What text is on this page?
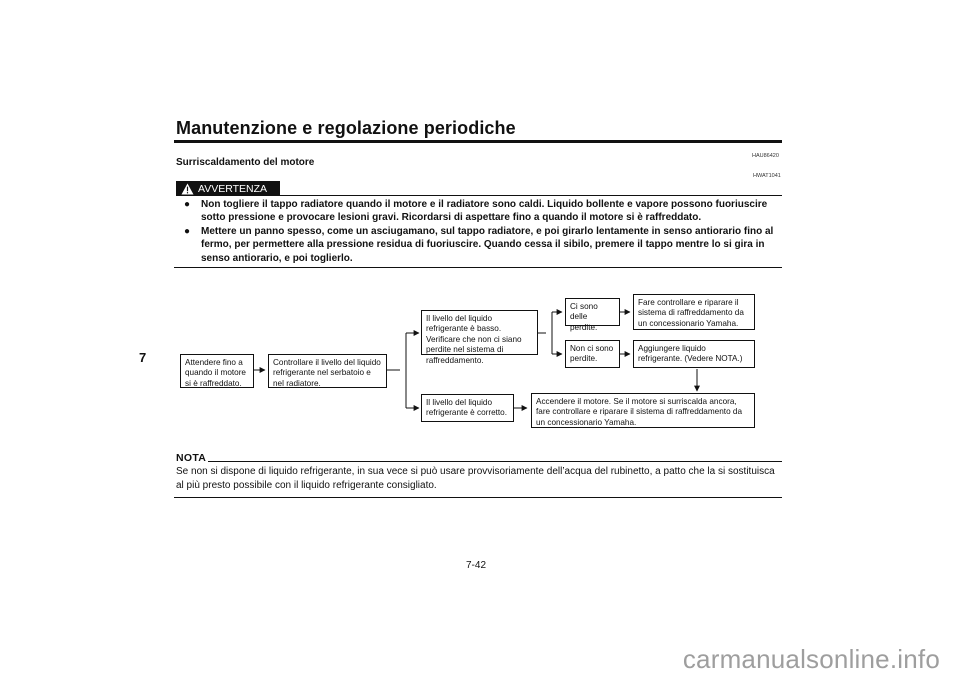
Manutenzione e regolazione periodiche
HAU86420
Surriscaldamento del motore
HWAT1041
AVVERTENZA
●	Non togliere il tappo radiatore quando il motore e il radiatore sono caldi. Liquido bollente e vapore possono fuoriuscire sotto pressione e provocare lesioni gravi. Ricordarsi di aspettare fino a quando il motore si è raffreddato.
●	Mettere un panno spesso, come un asciugamano, sul tappo radiatore, e poi girarlo lentamente in senso antiorario fino al fermo, per permettere alla pressione residua di fuoriuscire. Quando cessa il sibilo, premere il tappo mentre lo si gira in senso antiorario, e poi toglierlo.
7	Attendere fino a quando il motore si è raffreddato.
Controllare il livello del liquido refrigerante nel serbatoio e nel radiatore.
Il livello del liquido refrigerante è basso. Verificare che non ci siano perdite nel sistema di raffreddamento.
Il livello del liquido refrigerante è corretto.
Ci sono delle perdite.
Non ci sono perdite.
Fare controllare e riparare il sistema di raffreddamento da un concessionario Yamaha.
Aggiungere liquido refrigerante. (Vedere NOTA.)
Accendere il motore. Se il motore si surriscalda ancora, fare controllare e riparare il sistema di raffreddamento da un concessionario Yamaha.
NOTA
Se non si dispone di liquido refrigerante, in sua vece si può usare provvisoriamente dell’acqua del rubinetto, a patto che la si sostituisca al più presto possibile con il liquido refrigerante consigliato.
7-42
carmanualsonline.info
